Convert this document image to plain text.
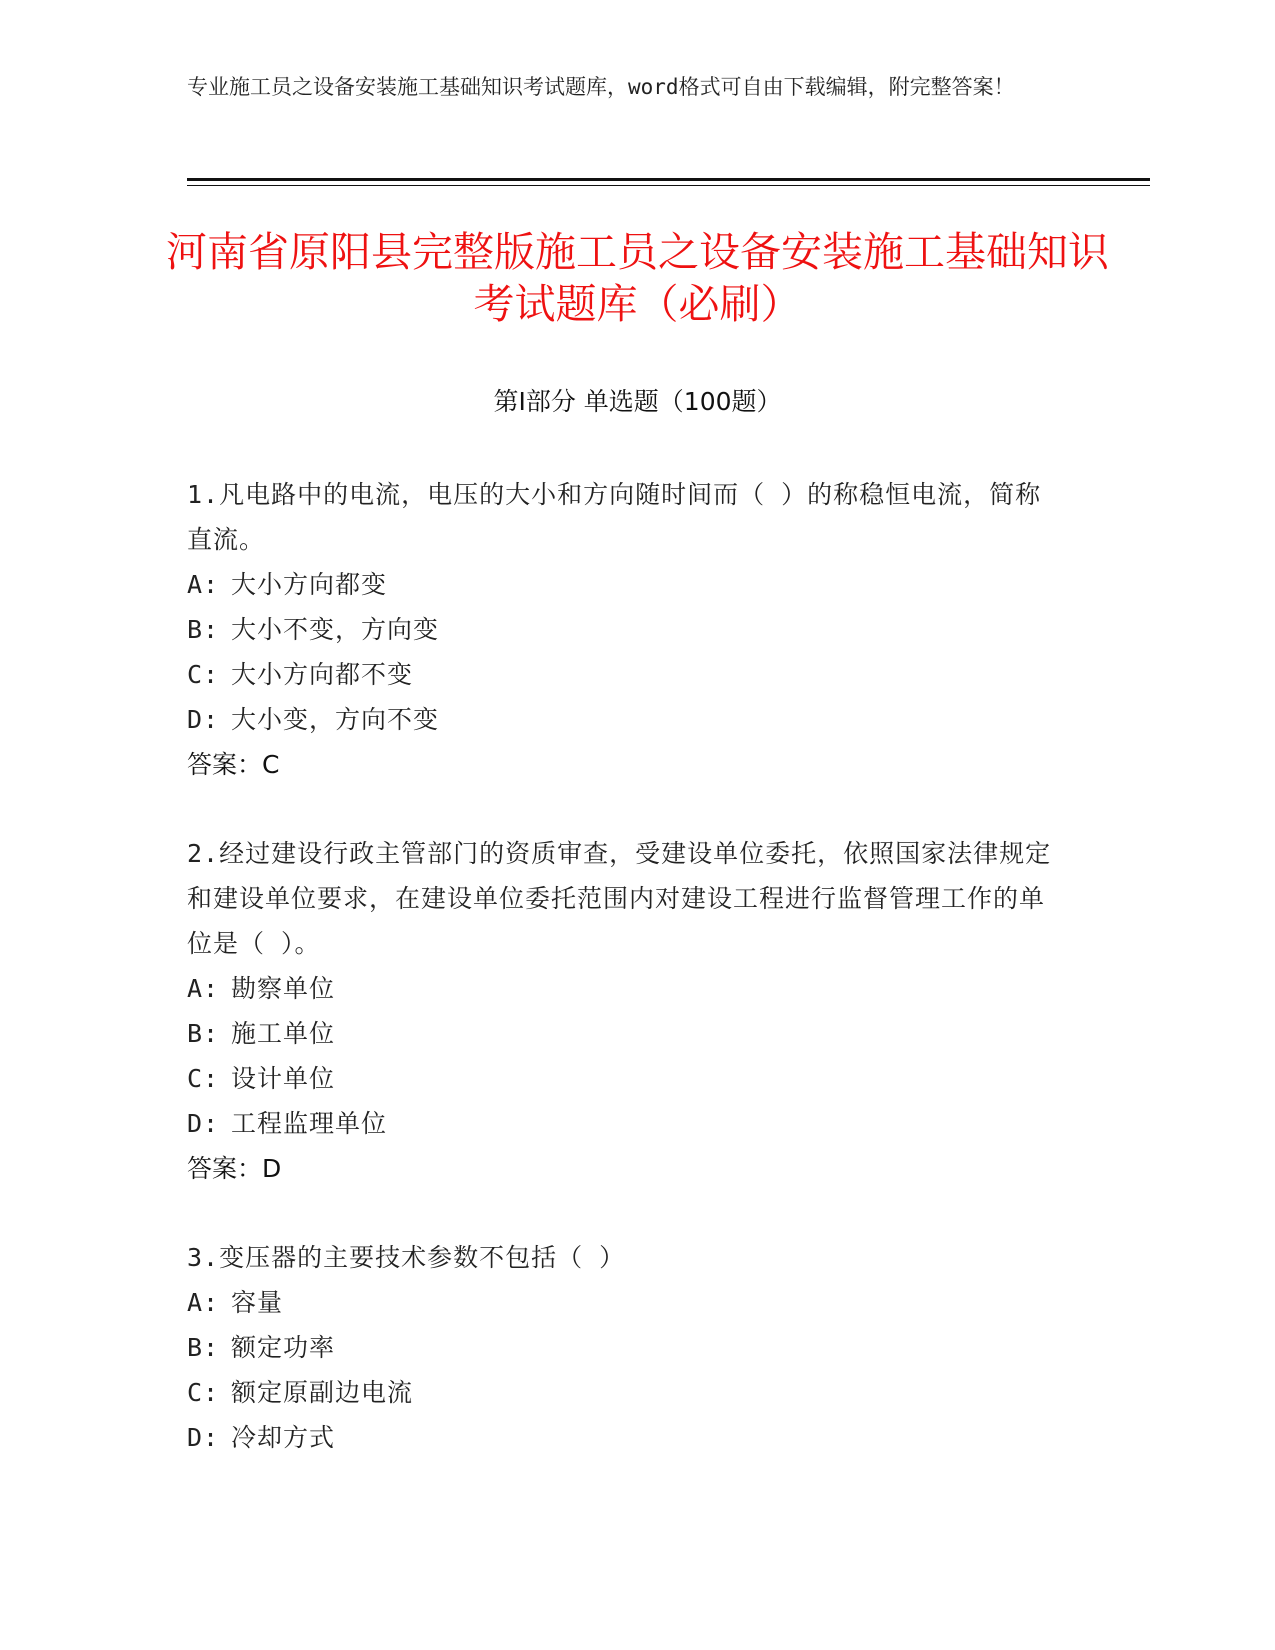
专业施工员之设备安装施工基础知识考试题库，word格式可自由下载编辑，附完整答案！
河南省原阳县完整版施工员之设备安装施工基础知识考试题库（必刷）
第Ⅰ部分 单选题（100题）
1.凡电路中的电流，电压的大小和方向随时间而（ ）的称稳恒电流，简称直流。
A: 大小方向都变
B: 大小不变，方向变
C: 大小方向都不变
D: 大小变，方向不变
答案：C
2.经过建设行政主管部门的资质审查，受建设单位委托，依照国家法律规定和建设单位要求，在建设单位委托范围内对建设工程进行监督管理工作的单位是（ ）。
A: 勘察单位
B: 施工单位
C: 设计单位
D: 工程监理单位
答案：D
3.变压器的主要技术参数不包括（ ）
A: 容量
B: 额定功率
C: 额定原副边电流
D: 冷却方式
